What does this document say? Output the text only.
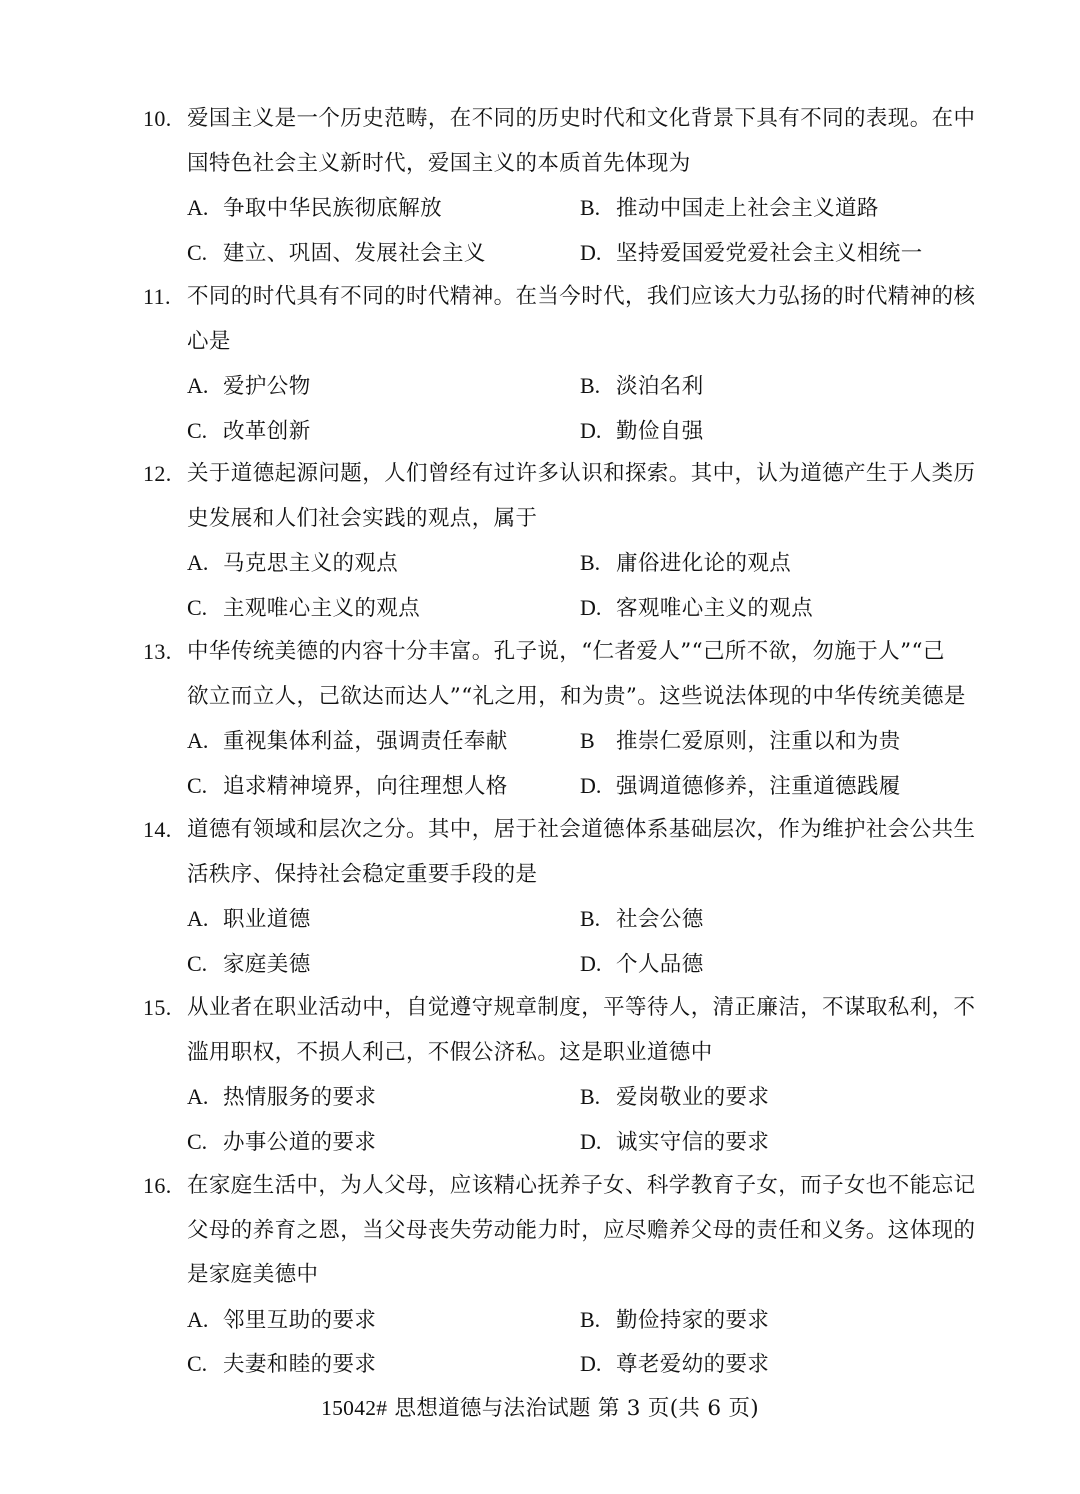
10. 爱国主义是一个历史范畴，在不同的历史时代和文化背景下具有不同的表现。在中
国特色社会主义新时代，爱国主义的本质首先体现为
A. 争取中华民族彻底解放	B. 推动中国走上社会主义道路
C. 建立、巩固、发展社会主义	D. 坚持爱国爱党爱社会主义相统一
11. 不同的时代具有不同的时代精神。在当今时代，我们应该大力弘扬的时代精神的核
心是
A. 爱护公物	B. 淡泊名利
C. 改革创新	D. 勤俭自强
12. 关于道德起源问题，人们曾经有过许多认识和探索。其中，认为道德产生于人类历
史发展和人们社会实践的观点，属于
A. 马克思主义的观点	B. 庸俗进化论的观点
C. 主观唯心主义的观点	D. 客观唯心主义的观点
13. 中华传统美德的内容十分丰富。孔子说，“仁者爱人”“己所不欲，勿施于人”“己
欲立而立人，己欲达而达人”“礼之用，和为贵”。这些说法体现的中华传统美德是
A. 重视集体利益，强调责任奉献	B 推崇仁爱原则，注重以和为贵
C. 追求精神境界，向往理想人格	D. 强调道德修养，注重道德践履
14. 道德有领域和层次之分。其中，居于社会道德体系基础层次，作为维护社会公共生
活秩序、保持社会稳定重要手段的是
A. 职业道德	B. 社会公德
C. 家庭美德	D. 个人品德
15. 从业者在职业活动中，自觉遵守规章制度，平等待人，清正廉洁，不谋取私利，不
滥用职权，不损人利己，不假公济私。这是职业道德中
A. 热情服务的要求	B. 爱岗敬业的要求
C. 办事公道的要求	D. 诚实守信的要求
16. 在家庭生活中，为人父母，应该精心抚养子女、科学教育子女，而子女也不能忘记
父母的养育之恩，当父母丧失劳动能力时，应尽赡养父母的责任和义务。这体现的
是家庭美德中
A. 邻里互助的要求	B. 勤俭持家的要求
C. 夫妻和睦的要求	D. 尊老爱幼的要求
15042# 思想道德与法治试题 第 3 页(共 6 页)
